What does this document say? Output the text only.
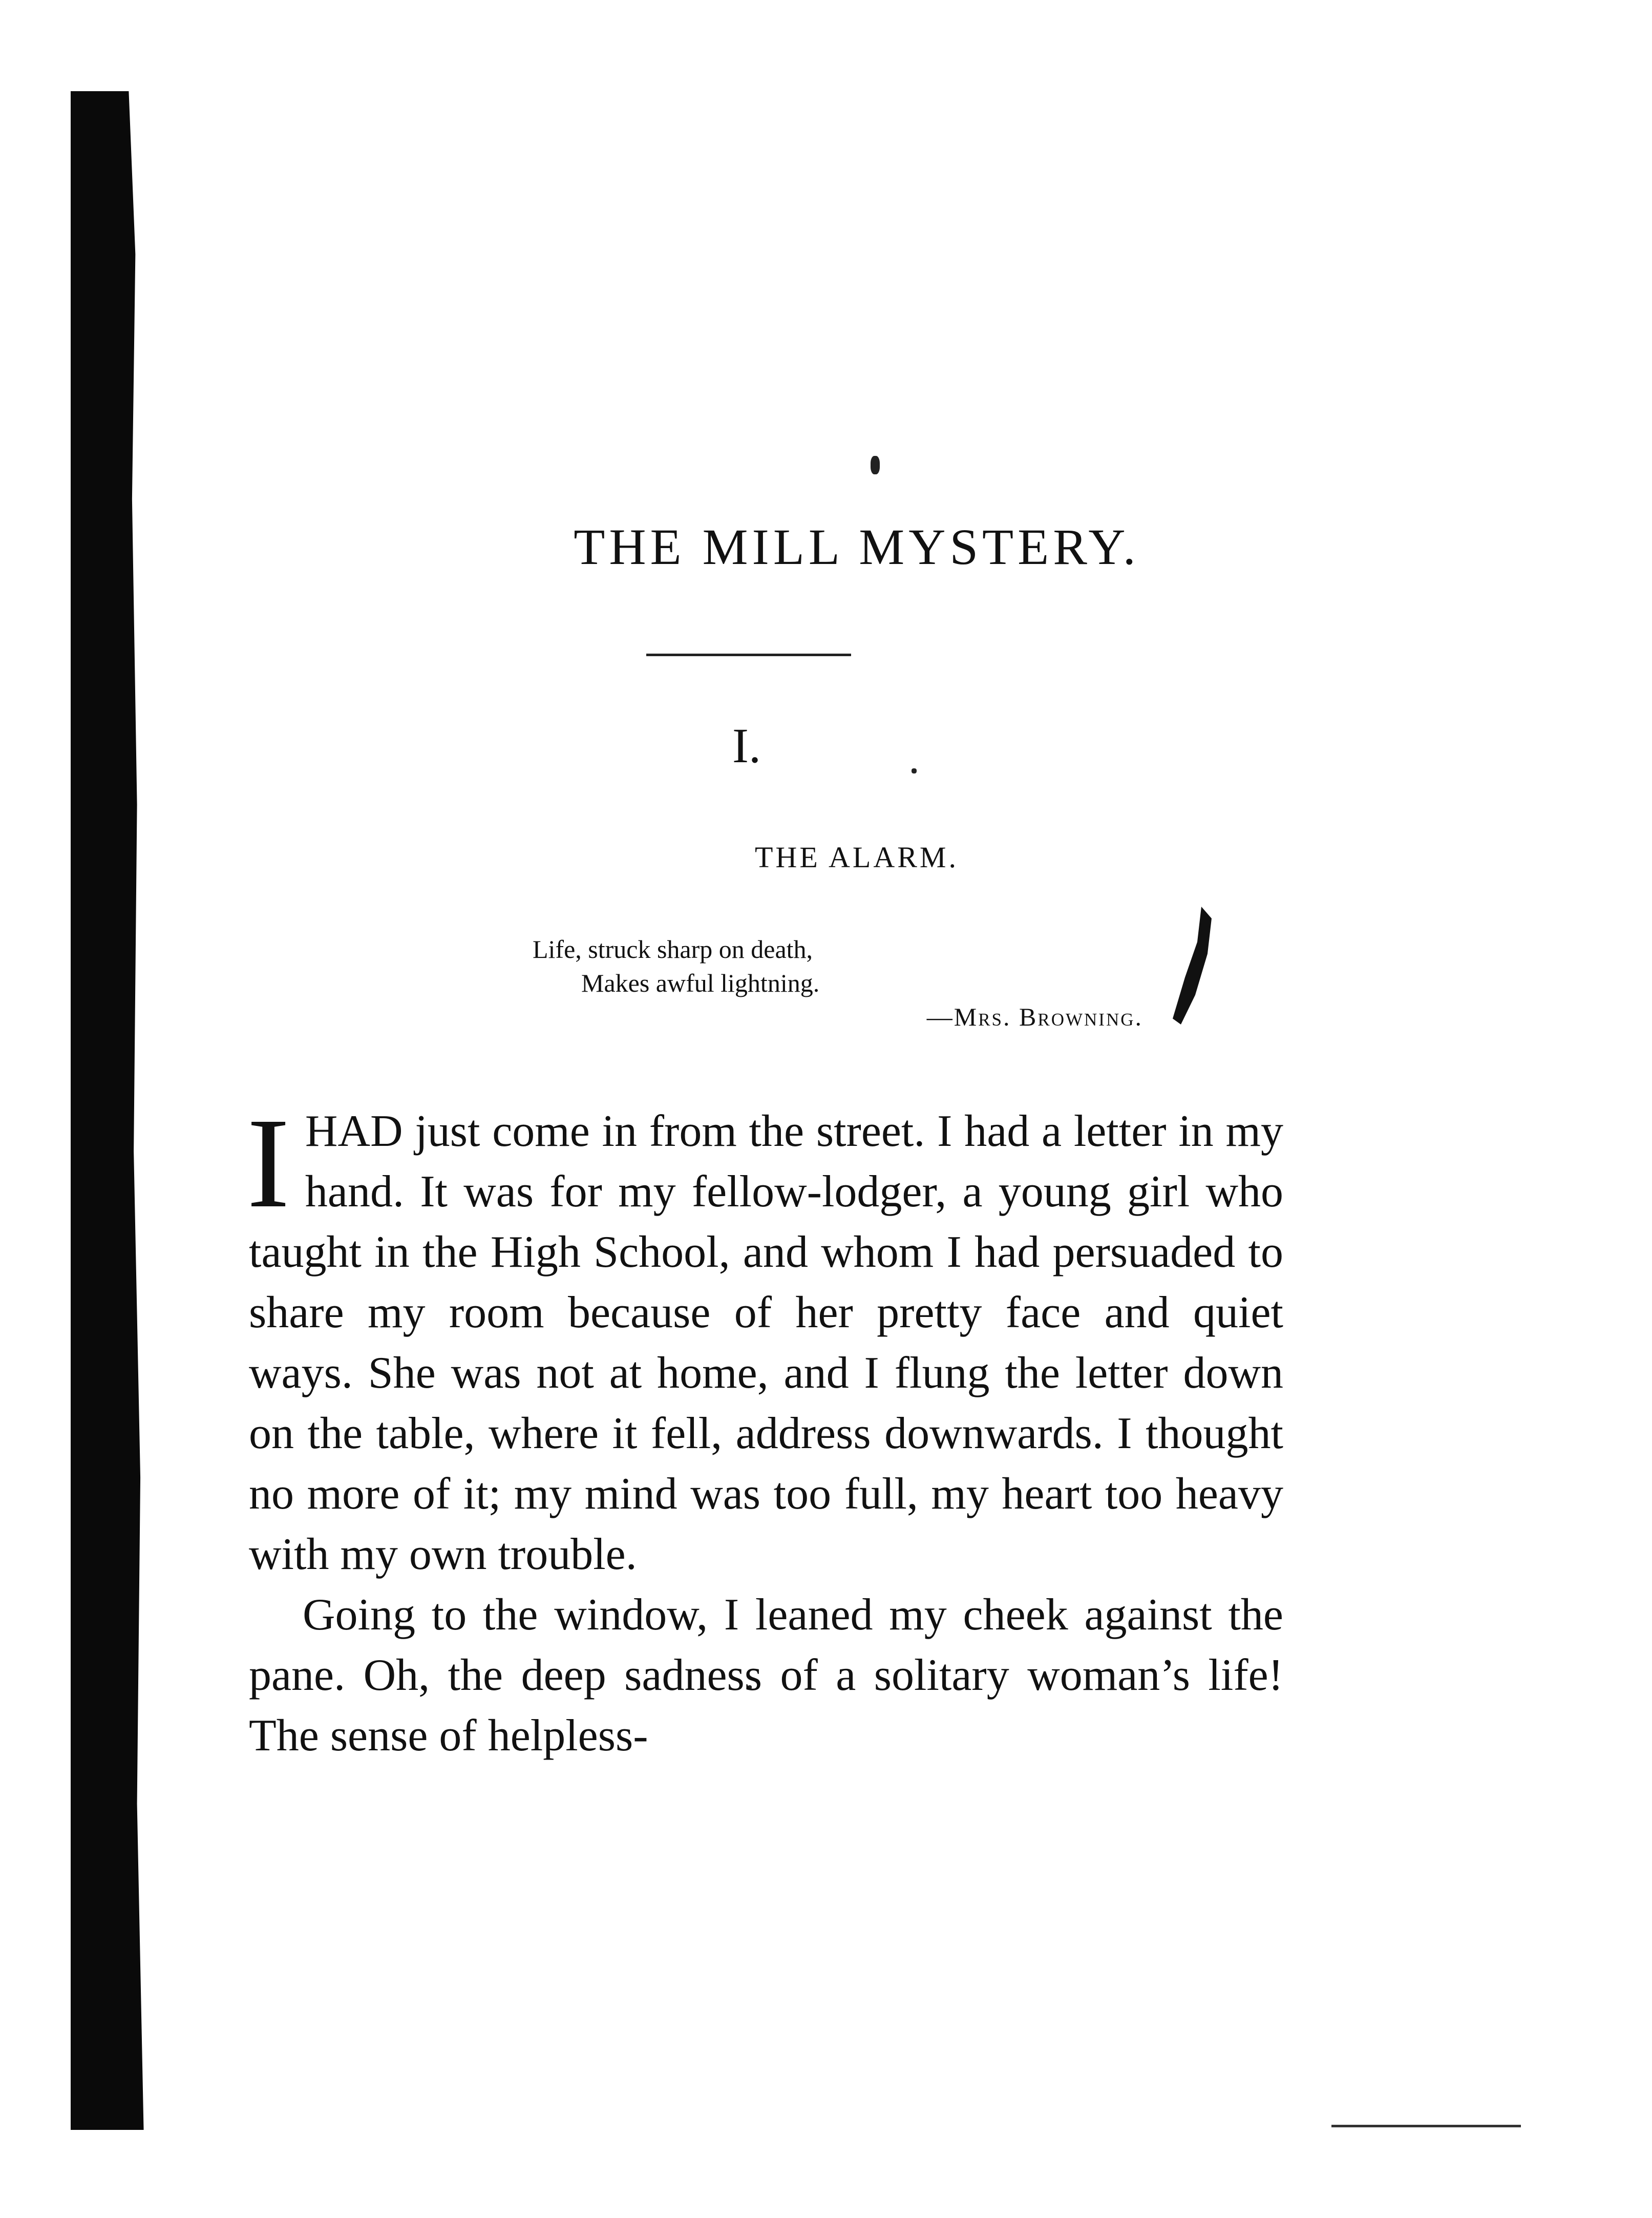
THE MILL MYSTERY.
I.
THE ALARM.
Life, struck sharp on death,
Makes awful lightning.
—Mrs. Browning.

I HAD just come in from the street. I had a letter in my hand. It was for my fellow-lodger, a young girl who taught in the High School, and whom I had persuaded to share my room because of her pretty face and quiet ways. She was not at home, and I flung the letter down on the table, where it fell, address downwards. I thought no more of it; my mind was too full, my heart too heavy with my own trouble.

Going to the window, I leaned my cheek against the pane. Oh, the deep sadness of a solitary woman’s life! The sense of helpless-
